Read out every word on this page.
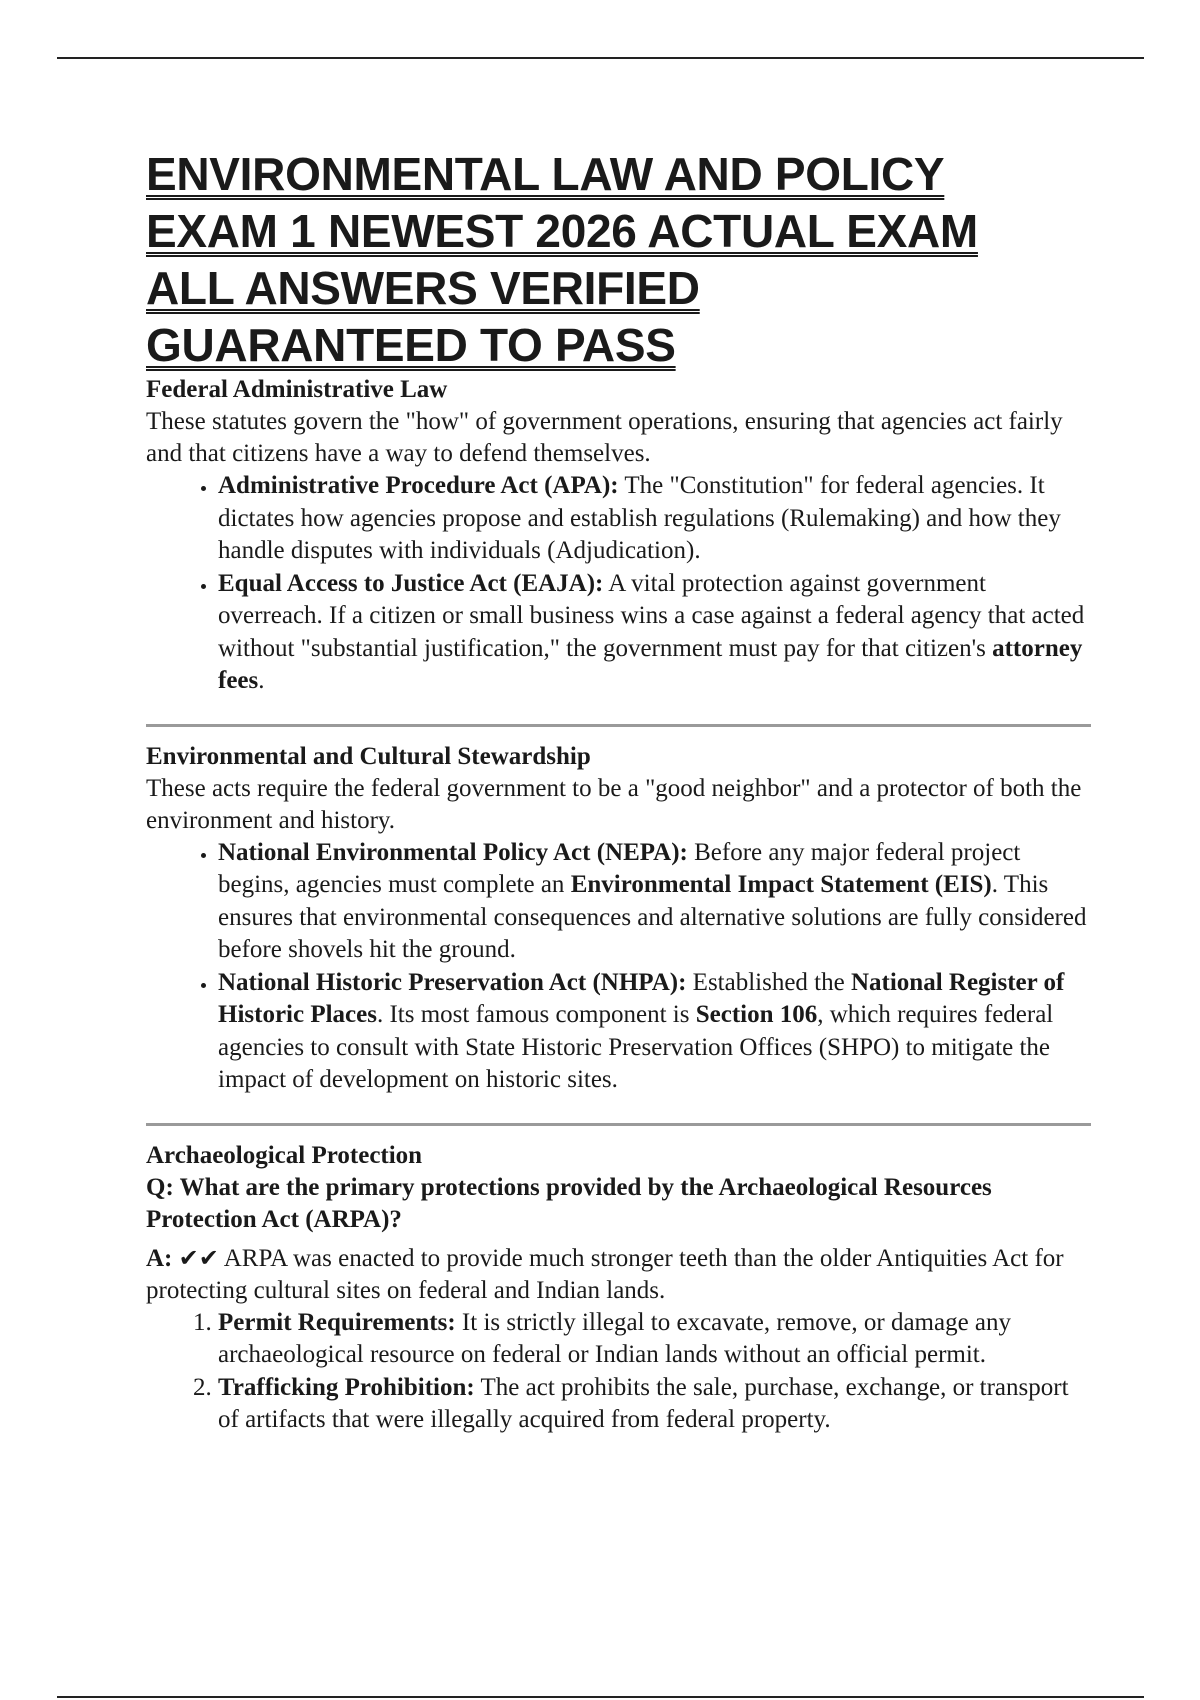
ENVIRONMENTAL LAW AND POLICY
EXAM 1 NEWEST 2026 ACTUAL EXAM
ALL ANSWERS VERIFIED
GUARANTEED TO PASS

Federal Administrative Law

These statutes govern the "how" of government operations, ensuring that agencies act fairly and that citizens have a way to defend themselves.

• Administrative Procedure Act (APA): The "Constitution" for federal agencies. It dictates how agencies propose and establish regulations (Rulemaking) and how they handle disputes with individuals (Adjudication).
• Equal Access to Justice Act (EAJA): A vital protection against government overreach. If a citizen or small business wins a case against a federal agency that acted without "substantial justification," the government must pay for that citizen's attorney fees.

Environmental and Cultural Stewardship

These acts require the federal government to be a "good neighbor" and a protector of both the environment and history.

• National Environmental Policy Act (NEPA): Before any major federal project begins, agencies must complete an Environmental Impact Statement (EIS). This ensures that environmental consequences and alternative solutions are fully considered before shovels hit the ground.
• National Historic Preservation Act (NHPA): Established the National Register of Historic Places. Its most famous component is Section 106, which requires federal agencies to consult with State Historic Preservation Offices (SHPO) to mitigate the impact of development on historic sites.

Archaeological Protection

Q: What are the primary protections provided by the Archaeological Resources Protection Act (ARPA)?

A: ✔✔ ARPA was enacted to provide much stronger teeth than the older Antiquities Act for protecting cultural sites on federal and Indian lands.

1. Permit Requirements: It is strictly illegal to excavate, remove, or damage any archaeological resource on federal or Indian lands without an official permit.
2. Trafficking Prohibition: The act prohibits the sale, purchase, exchange, or transport of artifacts that were illegally acquired from federal property.
